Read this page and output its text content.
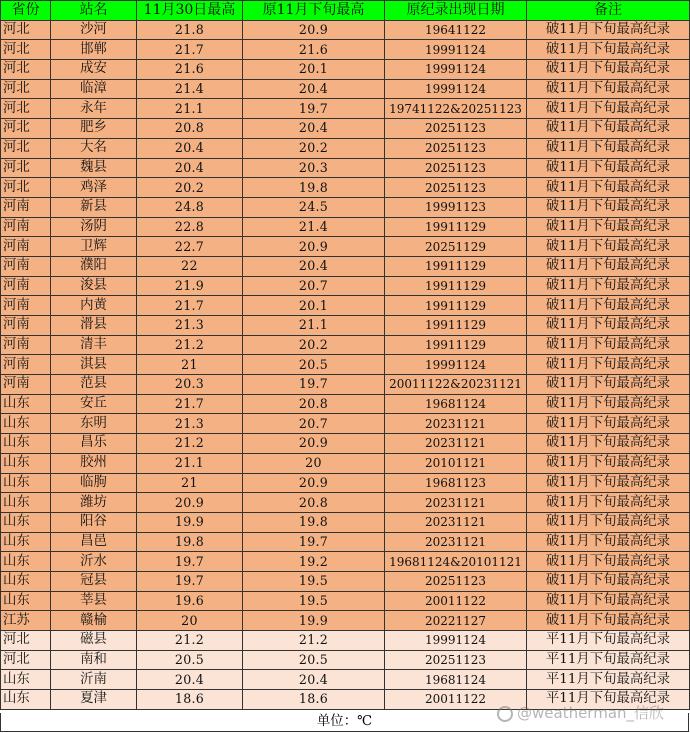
省份	站名	11月30日最高	原11月下旬最高	原纪录出现日期	备注
河北	沙河	21.8	20.9	19641122	破11月下旬最高纪录
河北	邯郸	21.7	21.6	19991124	破11月下旬最高纪录
河北	成安	21.6	20.1	19991124	破11月下旬最高纪录
河北	临漳	21.4	20.4	19991124	破11月下旬最高纪录
河北	永年	21.1	19.7	19741122&20251123	破11月下旬最高纪录
河北	肥乡	20.8	20.4	20251123	破11月下旬最高纪录
河北	大名	20.4	20.2	20251123	破11月下旬最高纪录
河北	魏县	20.4	20.3	20251123	破11月下旬最高纪录
河北	鸡泽	20.2	19.8	20251123	破11月下旬最高纪录
河南	新县	24.8	24.5	19991123	破11月下旬最高纪录
河南	汤阴	22.8	21.4	19911129	破11月下旬最高纪录
河南	卫辉	22.7	20.9	20251129	破11月下旬最高纪录
河南	濮阳	22	20.4	19911129	破11月下旬最高纪录
河南	浚县	21.9	20.7	19911129	破11月下旬最高纪录
河南	内黄	21.7	20.1	19911129	破11月下旬最高纪录
河南	滑县	21.3	21.1	19911129	破11月下旬最高纪录
河南	清丰	21.2	20.2	19911129	破11月下旬最高纪录
河南	淇县	21	20.5	19991124	破11月下旬最高纪录
河南	范县	20.3	19.7	20011122&20231121	破11月下旬最高纪录
山东	安丘	21.7	20.8	19681124	破11月下旬最高纪录
山东	东明	21.3	20.7	20231121	破11月下旬最高纪录
山东	昌乐	21.2	20.9	20231121	破11月下旬最高纪录
山东	胶州	21.1	20	20101121	破11月下旬最高纪录
山东	临朐	21	20.9	19681123	破11月下旬最高纪录
山东	潍坊	20.9	20.8	20231121	破11月下旬最高纪录
山东	阳谷	19.9	19.8	20231121	破11月下旬最高纪录
山东	昌邑	19.8	19.7	20231121	破11月下旬最高纪录
山东	沂水	19.7	19.2	19681124&20101121	破11月下旬最高纪录
山东	冠县	19.7	19.5	20251123	破11月下旬最高纪录
山东	莘县	19.6	19.5	20011122	破11月下旬最高纪录
江苏	赣榆	20	19.9	20221127	破11月下旬最高纪录
河北	磁县	21.2	21.2	19991124	平11月下旬最高纪录
河北	南和	20.5	20.5	20251123	平11月下旬最高纪录
山东	沂南	20.4	20.4	19681124	平11月下旬最高纪录
山东	夏津	18.6	18.6	20011122	平11月下旬最高纪录
单位：℃	@weatherman_信欣
